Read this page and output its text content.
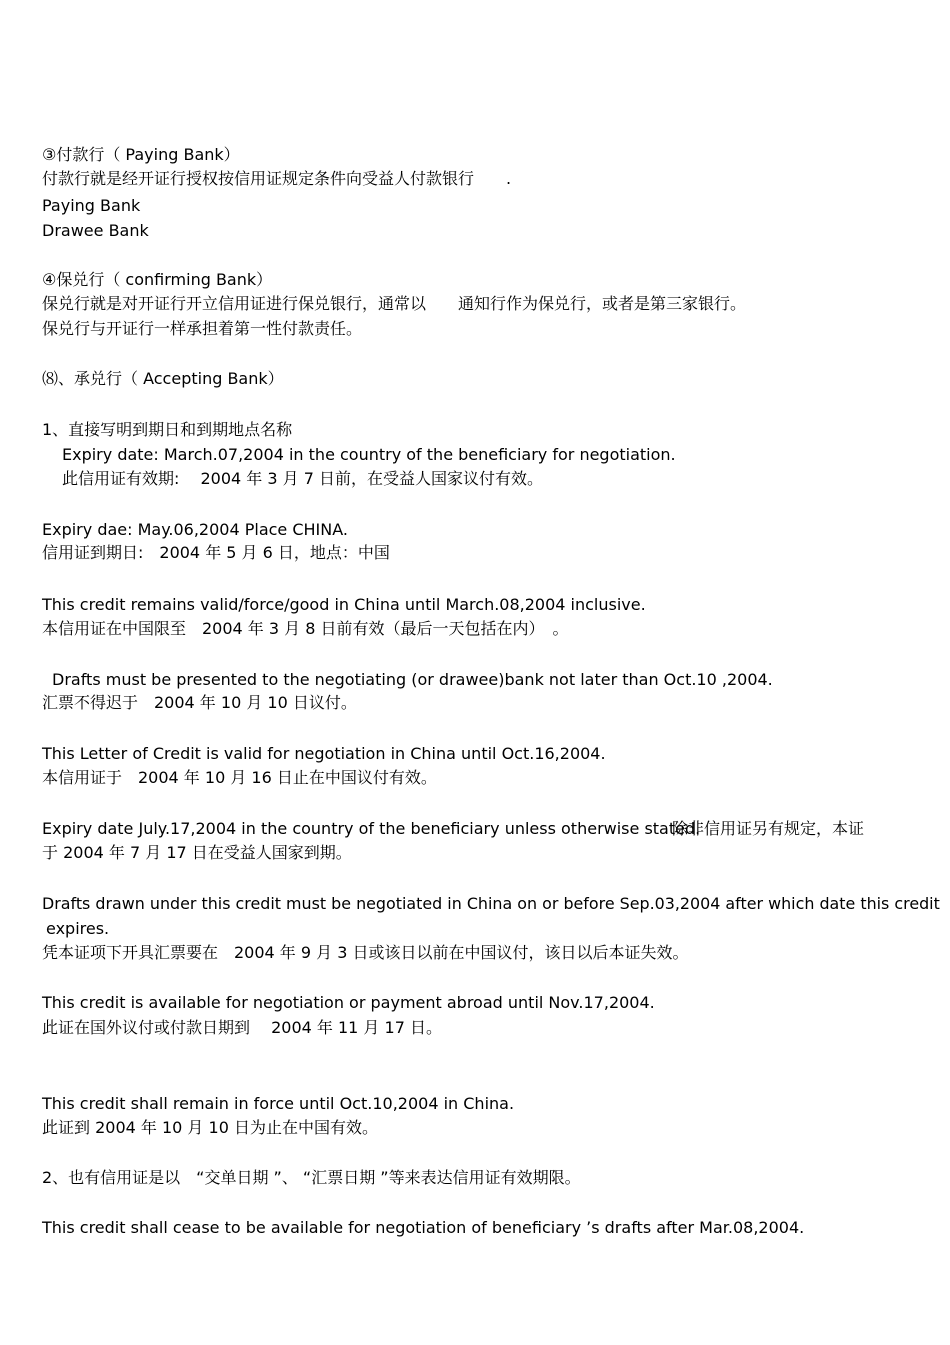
③付款行（ Paying Bank）
付款行就是经开证行授权按信用证规定条件向受益人付款银行　　.
Paying Bank
Drawee Bank
④保兑行（ confirming Bank）
保兑行就是对开证行开立信用证进行保兑银行，通常以　　通知行作为保兑行，或者是第三家银行。
保兑行与开证行一样承担着第一性付款责任。
⑻、承兑行（ Accepting Bank）
1、直接写明到期日和到期地点名称
Expiry date: March.07,2004 in the country of the beneficiary for negotiation.
此信用证有效期:　 2004 年 3 月 7 日前，在受益人国家议付有效。
Expiry dae: May.06,2004 Place CHINA.
信用证到期日:　2004 年 5 月 6 日，地点：中国
This credit remains valid/force/good in China until March.08,2004 inclusive.
本信用证在中国限至　2004 年 3 月 8 日前有效（最后一天包括在内）　。
Drafts must be presented to the negotiating (or drawee)bank not later than Oct.10 ,2004.
汇票不得迟于　2004 年 10 月 10 日议付。
This Letter of Credit is valid for negotiation in China until Oct.16,2004.
本信用证于　2004 年 10 月 16 日止在中国议付有效。
Expiry date July.17,2004 in the country of the beneficiary unless otherwise stated.
除非信用证另有规定，本证
于 2004 年 7 月 17 日在受益人国家到期。
Drafts drawn under this credit must be negotiated in China on or before Sep.03,2004 after which date this credit
expires.
凭本证项下开具汇票要在　2004 年 9 月 3 日或该日以前在中国议付，该日以后本证失效。
This credit is available for negotiation or payment abroad until Nov.17,2004.
此证在国外议付或付款日期到　 2004 年 11 月 17 日。
This credit shall remain in force until Oct.10,2004 in China.
此证到 2004 年 10 月 10 日为止在中国有效。
2、也有信用证是以　“交单日期 ”、 “汇票日期 ”等来表达信用证有效期限。
This credit shall cease to be available for negotiation of beneficiary ’s drafts after Mar.08,2004.
